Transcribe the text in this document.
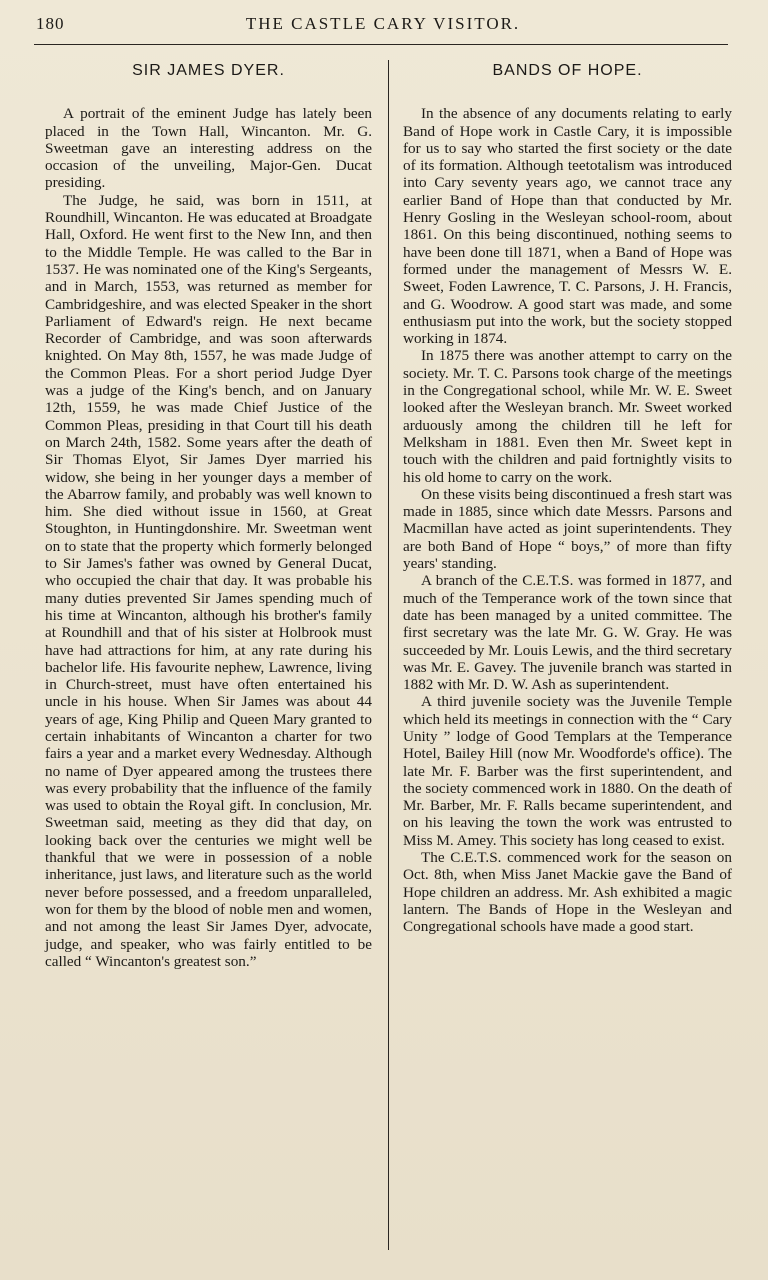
180	THE CASTLE CARY VISITOR.
SIR JAMES DYER.

A portrait of the eminent Judge has lately been placed in the Town Hall, Wincanton. Mr. G. Sweetman gave an interesting address on the occasion of the unveiling, Major-Gen. Ducat presiding.

The Judge, he said, was born in 1511, at Roundhill, Wincanton. He was educated at Broadgate Hall, Oxford. He went first to the New Inn, and then to the Middle Temple. He was called to the Bar in 1537. He was nominated one of the King's Sergeants, and in March, 1553, was returned as member for Cambridgeshire, and was elected Speaker in the short Parliament of Edward's reign. He next became Recorder of Cambridge, and was soon afterwards knighted. On May 8th, 1557, he was made Judge of the Common Pleas. For a short period Judge Dyer was a judge of the King's bench, and on January 12th, 1559, he was made Chief Justice of the Common Pleas, presiding in that Court till his death on March 24th, 1582. Some years after the death of Sir Thomas Elyot, Sir James Dyer married his widow, she being in her younger days a member of the Abarrow family, and probably was well known to him. She died without issue in 1560, at Great Stoughton, in Huntingdonshire. Mr. Sweetman went on to state that the property which formerly belonged to Sir James's father was owned by General Ducat, who occupied the chair that day. It was probable his many duties prevented Sir James spending much of his time at Wincanton, although his brother's family at Roundhill and that of his sister at Holbrook must have had attractions for him, at any rate during his bachelor life. His favourite nephew, Lawrence, living in Church-street, must have often entertained his uncle in his house. When Sir James was about 44 years of age, King Philip and Queen Mary granted to certain inhabitants of Wincanton a charter for two fairs a year and a market every Wednesday. Although no name of Dyer appeared among the trustees there was every probability that the influence of the family was used to obtain the Royal gift. In conclusion, Mr. Sweetman said, meeting as they did that day, on looking back over the centuries we might well be thankful that we were in possession of a noble inheritance, just laws, and literature such as the world never before possessed, and a freedom unparalleled, won for them by the blood of noble men and women, and not among the least Sir James Dyer, advocate, judge, and speaker, who was fairly entitled to be called “ Wincanton's greatest son.”

BANDS OF HOPE.

In the absence of any documents relating to early Band of Hope work in Castle Cary, it is impossible for us to say who started the first society or the date of its formation. Although teetotalism was introduced into Cary seventy years ago, we cannot trace any earlier Band of Hope than that conducted by Mr. Henry Gosling in the Wesleyan school-room, about 1861. On this being discontinued, nothing seems to have been done till 1871, when a Band of Hope was formed under the management of Messrs W. E. Sweet, Foden Lawrence, T. C. Parsons, J. H. Francis, and G. Woodrow. A good start was made, and some enthusiasm put into the work, but the society stopped working in 1874.

In 1875 there was another attempt to carry on the society. Mr. T. C. Parsons took charge of the meetings in the Congregational school, while Mr. W. E. Sweet looked after the Wesleyan branch. Mr. Sweet worked arduously among the children till he left for Melksham in 1881. Even then Mr. Sweet kept in touch with the children and paid fortnightly visits to his old home to carry on the work.

On these visits being discontinued a fresh start was made in 1885, since which date Messrs. Parsons and Macmillan have acted as joint superintendents. They are both Band of Hope “ boys,” of more than fifty years' standing.

A branch of the C.E.T.S. was formed in 1877, and much of the Temperance work of the town since that date has been managed by a united committee. The first secretary was the late Mr. G. W. Gray. He was succeeded by Mr. Louis Lewis, and the third secretary was Mr. E. Gavey. The juvenile branch was started in 1882 with Mr. D. W. Ash as superintendent.

A third juvenile society was the Juvenile Temple which held its meetings in connection with the “ Cary Unity ” lodge of Good Templars at the Temperance Hotel, Bailey Hill (now Mr. Woodforde's office). The late Mr. F. Barber was the first superintendent, and the society commenced work in 1880. On the death of Mr. Barber, Mr. F. Ralls became superintendent, and on his leaving the town the work was entrusted to Miss M. Amey. This society has long ceased to exist.

The C.E.T.S. commenced work for the season on Oct. 8th, when Miss Janet Mackie gave the Band of Hope children an address. Mr. Ash exhibited a magic lantern. The Bands of Hope in the Wesleyan and Congregational schools have made a good start.
